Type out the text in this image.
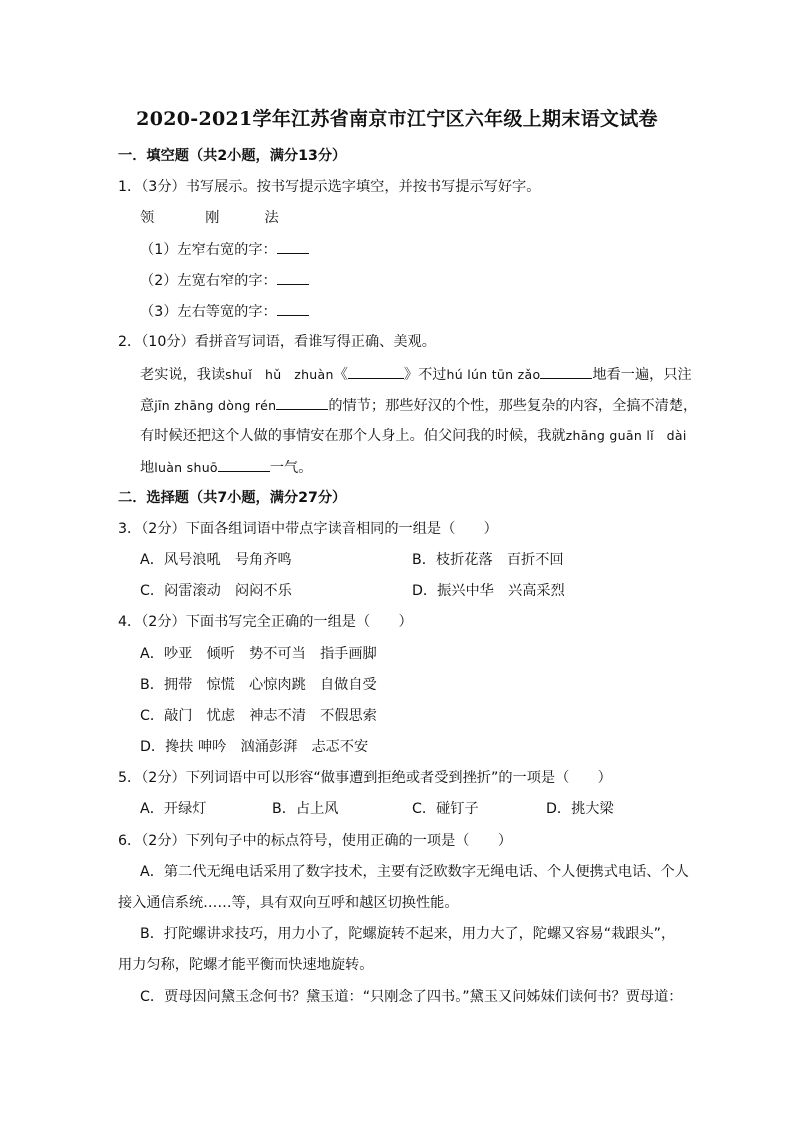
2020-2021学年江苏省南京市江宁区六年级上期末语文试卷
一．填空题（共2小题，满分13分）
1．（3分）书写展示。按书写提示选字填空，并按书写提示写好字。
领	刚	法
（1）左窄右宽的字：
（2）左宽右窄的字：
（3）左右等宽的字：
2．（10分）看拼音写词语，看谁写得正确、美观。
老实说，我读shuǐ　hǔ　zhuàn《	》不过hú lún tūn zǎo	地看一遍，只注
意jīn zhāng dòng rén	的情节；那些好汉的个性，那些复杂的内容，全搞不清楚，
有时候还把这个人做的事情安在那个人身上。伯父问我的时候，我就zhāng guān lǐ　dài
地luàn shuō	一气。
二．选择题（共7小题，满分27分）
3．（2分）下面各组词语中带点字读音相同的一组是（　　）
A．风号浪吼　号角齐鸣	B．枝折花落　百折不回
C．闷雷滚动　闷闷不乐	D．振兴中华　兴高采烈
4．（2分）下面书写完全正确的一组是（　　）
A．吵亚　倾听　势不可当　指手画脚
B．拥带　惊慌　心惊肉跳　自做自受
C．敲门　忧虑　神志不清　不假思索
D．搀扶 呻吟　汹涌彭湃　忐忑不安
5．（2分）下列词语中可以形容“做事遭到拒绝或者受到挫折”的一项是（　　）
A．开绿灯	B．占上风	C．碰钉子	D．挑大梁
6．（2分）下列句子中的标点符号，使用正确的一项是（　　）
A．第二代无绳电话采用了数字技术，主要有泛欧数字无绳电话、个人便携式电话、个人
接入通信系统……等，具有双向互呼和越区切换性能。
B．打陀螺讲求技巧，用力小了，陀螺旋转不起来，用力大了，陀螺又容易“栽跟头”，
用力匀称，陀螺才能平衡而快速地旋转。
C．贾母因问黛玉念何书？黛玉道：“只刚念了四书。”黛玉又问姊妹们读何书？贾母道：
